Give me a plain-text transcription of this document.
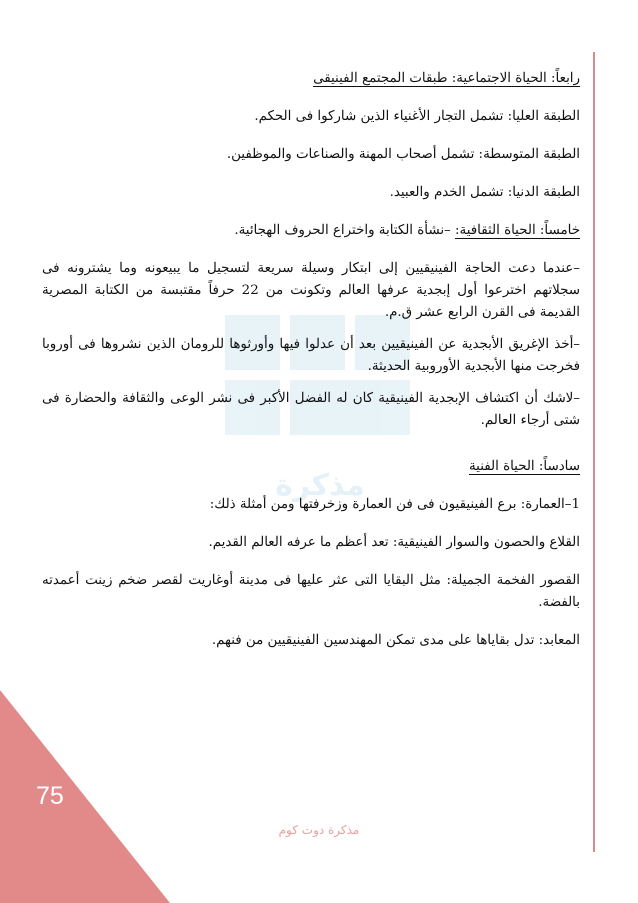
مذكرة
رابعاً: الحياة الاجتماعية: طبقات المجتمع الفينيقى
الطبقة العليا: تشمل التجار الأغنياء الذين شاركوا فى الحكم.
الطبقة المتوسطة: تشمل أصحاب المهنة والصناعات والموظفين.
الطبقة الدنيا: تشمل الخدم والعبيد.
خامساً: الحياة الثقافية: –نشأة الكتابة واختراع الحروف الهجائية.
–عندما دعت الحاجة الفينيقيين إلى ابتكار وسيلة سريعة لتسجيل ما يبيعونه وما يشترونه فى سجلاتهم اخترعوا أول إبجدية عرفها العالم وتكونت من 22 حرفاً مقتبسة من الكتابة المصرية القديمة فى القرن الرابع عشر ق.م.
–أخذ الإغريق الأبجدية عن الفينيقيين بعد أن عدلوا فيها وأورثوها للرومان الذين نشروها فى أوروبا فخرجت منها الأبجدية الأوروبية الحديثة.
–لاشك أن اكتشاف الإبجدية الفينيقية كان له الفضل الأكبر فى نشر الوعى والثقافة والحضارة فى شتى أرجاء العالم.
سادساً: الحياة الفنية
1–العمارة: برع الفينيقيون فى فن العمارة وزخرفتها ومن أمثلة ذلك:
القلاع والحصون والسوار الفينيقية: تعد أعظم ما عرفه العالم القديم.
القصور الفخمة الجميلة: مثل البقايا التى عثر عليها فى مدينة أوغاريت لقصر ضخم زينت أعمدته بالفضة.
المعابد: تدل بقاياها على مدى تمكن المهندسين الفينيقيين من فنهم.
75
مذكرة دوت كوم
